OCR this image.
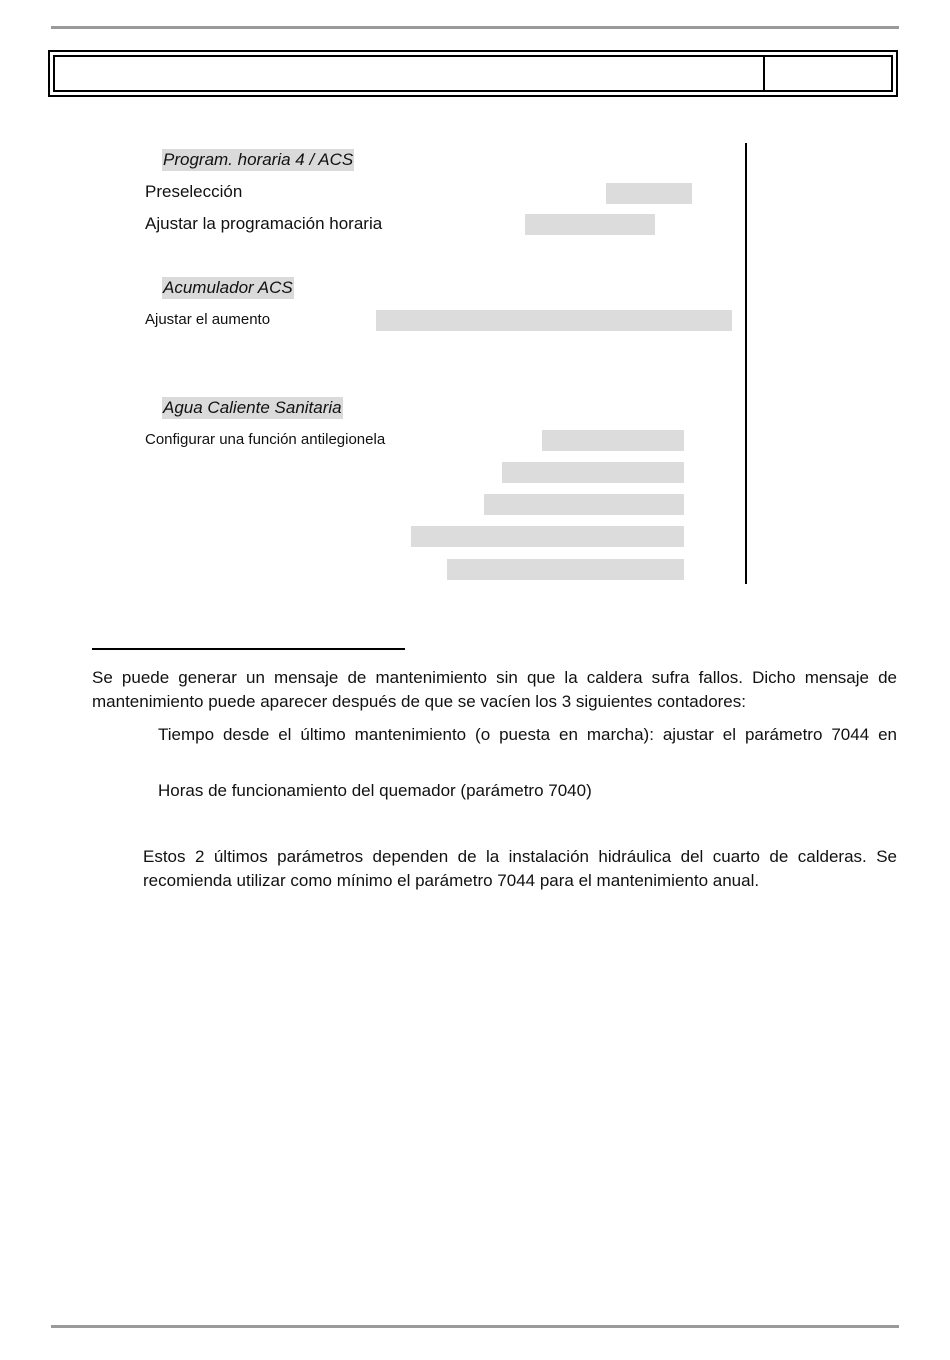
Program. horaria 4 / ACS
Preselección
Ajustar la programación horaria
Acumulador ACS
Ajustar el aumento
Agua Caliente Sanitaria
Configurar una función antilegionela

Se puede generar un mensaje de mantenimiento sin que la caldera sufra fallos. Dicho mensaje de mantenimiento puede aparecer después de que se vacíen los 3 siguientes contadores:

Tiempo desde el último mantenimiento (o puesta en marcha): ajustar el parámetro 7044 en

Horas de funcionamiento del quemador (parámetro 7040)

Estos 2 últimos parámetros dependen de la instalación hidráulica del cuarto de calderas. Se recomienda utilizar como mínimo el parámetro 7044 para el mantenimiento anual.
